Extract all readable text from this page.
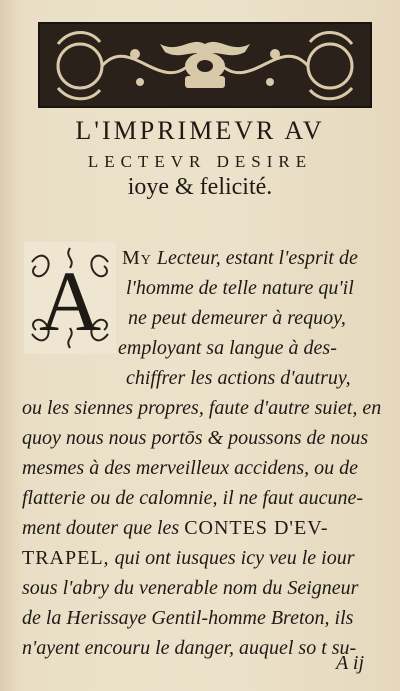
L'IMPRIMEVR AV
LECTEVR DESIRE
ioye & felicité.
A My Lecteur, estant l'esprit de
l'homme de telle nature qu'il
ne peut demeurer à requoy,
employant sa langue à des-
chiffrer les actions d'autruy,
ou les siennes propres, faute d'autre suiet, en
quoy nous nous portōs & poussons de nous
mesmes à des merveilleux accidens, ou de
flatterie ou de calomnie, il ne faut aucune-
ment douter que les CONTES D'EV-
TRAPEL, qui ont iusques icy veu le iour
sous l'abry du venerable nom du Seigneur
de la Herissaye Gentil-homme Breton, ils
n'ayent encouru le danger, auquel so t su-
A ij
